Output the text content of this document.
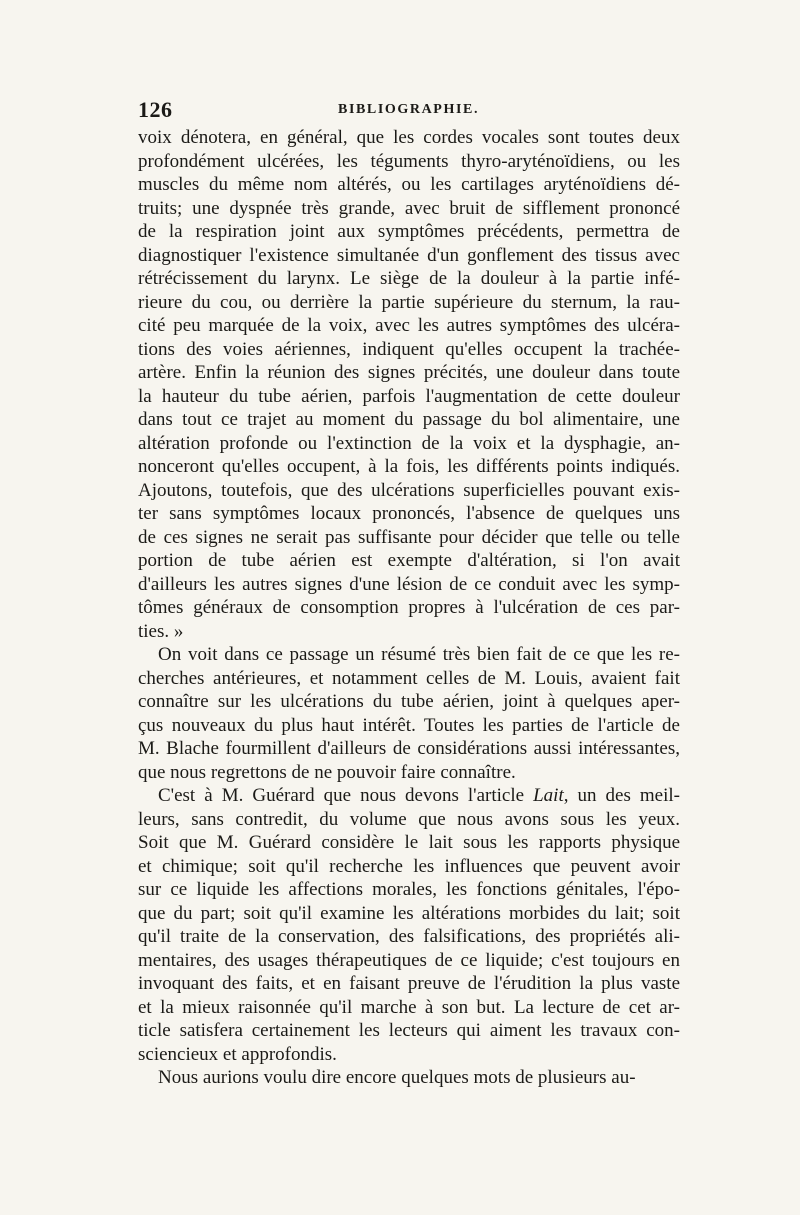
126	BIBLIOGRAPHIE.
voix dénotera, en général, que les cordes vocales sont toutes deux
profondément ulcérées, les téguments thyro-aryténoïdiens, ou les
muscles du même nom altérés, ou les cartilages aryténoïdiens dé-
truits; une dyspnée très grande, avec bruit de sifflement prononcé
de la respiration joint aux symptômes précédents, permettra de
diagnostiquer l'existence simultanée d'un gonflement des tissus avec
rétrécissement du larynx. Le siège de la douleur à la partie infé-
rieure du cou, ou derrière la partie supérieure du sternum, la rau-
cité peu marquée de la voix, avec les autres symptômes des ulcéra-
tions des voies aériennes, indiquent qu'elles occupent la trachée-
artère. Enfin la réunion des signes précités, une douleur dans toute
la hauteur du tube aérien, parfois l'augmentation de cette douleur
dans tout ce trajet au moment du passage du bol alimentaire, une
altération profonde ou l'extinction de la voix et la dysphagie, an-
nonceront qu'elles occupent, à la fois, les différents points indiqués.
Ajoutons, toutefois, que des ulcérations superficielles pouvant exis-
ter sans symptômes locaux prononcés, l'absence de quelques uns
de ces signes ne serait pas suffisante pour décider que telle ou telle
portion de tube aérien est exempte d'altération, si l'on avait
d'ailleurs les autres signes d'une lésion de ce conduit avec les symp-
tômes généraux de consomption propres à l'ulcération de ces par-
ties. »
On voit dans ce passage un résumé très bien fait de ce que les re-
cherches antérieures, et notamment celles de M. Louis, avaient fait
connaître sur les ulcérations du tube aérien, joint à quelques aper-
çus nouveaux du plus haut intérêt. Toutes les parties de l'article de
M. Blache fourmillent d'ailleurs de considérations aussi intéressantes,
que nous regrettons de ne pouvoir faire connaître.
C'est à M. Guérard que nous devons l'article Lait, un des meil-
leurs, sans contredit, du volume que nous avons sous les yeux.
Soit que M. Guérard considère le lait sous les rapports physique
et chimique; soit qu'il recherche les influences que peuvent avoir
sur ce liquide les affections morales, les fonctions génitales, l'épo-
que du part; soit qu'il examine les altérations morbides du lait; soit
qu'il traite de la conservation, des falsifications, des propriétés ali-
mentaires, des usages thérapeutiques de ce liquide; c'est toujours en
invoquant des faits, et en faisant preuve de l'érudition la plus vaste
et la mieux raisonnée qu'il marche à son but. La lecture de cet ar-
ticle satisfera certainement les lecteurs qui aiment les travaux con-
sciencieux et approfondis.
Nous aurions voulu dire encore quelques mots de plusieurs au-
